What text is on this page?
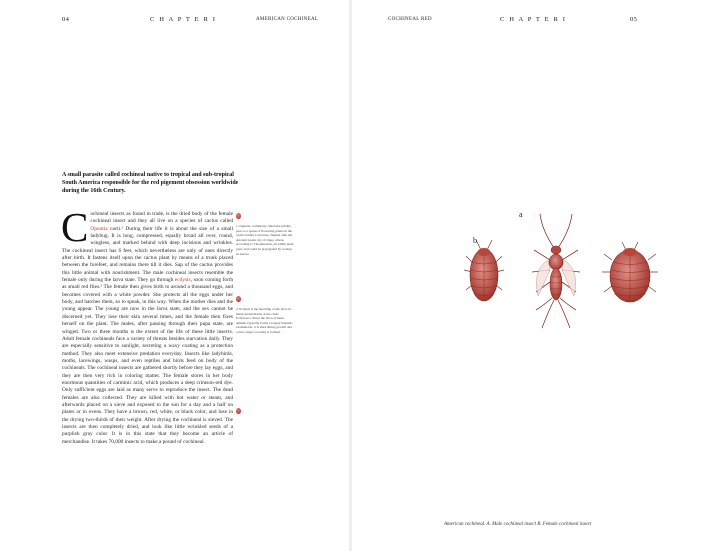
04	C H A P T E R I	AMERICAN COCHINEAL
A small parasite called cochineal native to tropical and sub-tropical South America responsible for the red pigement obsession worldwide during the 16th Century.
Cochineal insects as found in trade, is the dried body of the female cochineal insect and they all live on a species of cactus called Opuntia cacti.¹ During their life it is about the size of a small ladybug. It is long, compressed, equally broad all over, round, wingless, and marked behind with deep incisions and wrinkles. The cochineal insect has 6 feet, which nevertheless are only of ones directly after birth. It fastens itself upon the cactus plant by means of a trunk placed between the forefeet, and remains there till it dies. Sap of the cactus provides this little animal with nourishment. The male cochineal insects resemble the female only during the larva state. They go through ecdysis, soon coming forth as small red flies.² The female then gives birth to around a thousand eggs, and becomes covered with a white powder. She protects all the eggs under her body, and hatches them, so to speak, in this way. When the mother dies and the young appear. The young are now in the larva state, and the sex cannot be discerned yet. They lose their skin several times, and the female then fixes herself on the plant. The males, after passing through their pupa state, are winged. Two or three months is the extent of the life of these little insects. Adult female cochineals face a variety of threats besides starvation daily. They are especially sensitive to sunlight, secreting a waxy coating as a protection method. They also meet extensive predation everyday. Insects like ladybirds, moths, lacewings, wasps, and even reptiles and birds feed on body of the cochineals. The cochineal insects are gathered shortly before they lay eggs, and they are then very rich in coloring matter. The female stores in her body enormous quantities of carminic acid, which produces a deep crimson-red dye. Only sufficient eggs are laid as many serve to reproduce the insect. The dead females are also collected. They are killed with hot water or steam, and afterwards placed on a sieve and exposed to the sun for a day and a half on plates or in ovens. They have a brown, red, white, or black color, and lose in the drying two-thirds of their weight. After drying the cochineal is sieved. The insects are then completely dried, and look like little wrinkled seeds of a purplish gray color. It is in this state that they become an article of merchandise. It takes 70,000 insects to make a pound of cochineal.
1. Opuntia, commonly called the prickly pear, is a genus of flowering plants in the cactus family Cactaceae. Named after the Ancient Greek city of Opus, where, according to Theophrastus, an edible plant grew and could be propagated by rooting its leaves.
2. Ecdysis is the moulting of the larva in many invertebrates of the clade Ecdysozoa. Since the larva of these animals typically forms a largely inelastic exoskeleton, it is shed during growth and a new, larger covering is formed.
COCHINEAL RED	C H A P T E R I	05
a
b
American cochineal. A. Male cochineal insect B. Female cochineal insect
